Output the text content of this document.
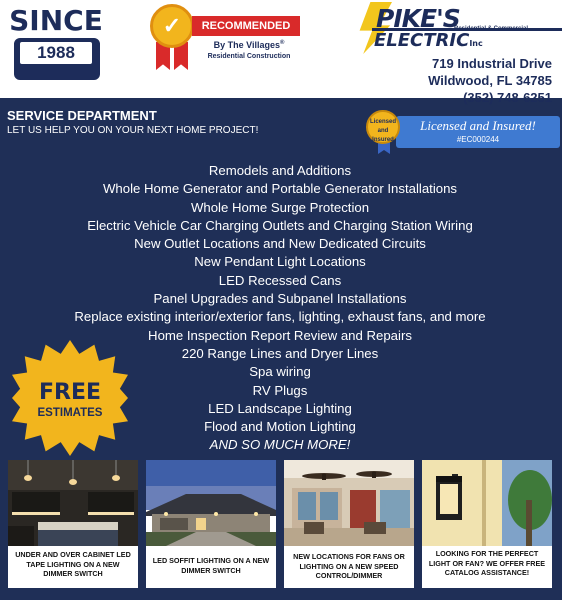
SINCE
1988
✓	RECOMMENDED
By The Villages®
Residential Construction
PIKE'S
Residential & Commercial
ELECTRICInc
719 Industrial Drive
Wildwood, FL 34785
(352) 748-6251
SERVICE DEPARTMENT
LET US HELP YOU ON YOUR NEXT HOME PROJECT!	Licensed and Insured!
#EC000244
Licensed and Insured
Remodels and Additions
Whole Home Generator and Portable Generator Installations
Whole Home Surge Protection
Electric Vehicle Car Charging Outlets and Charging Station Wiring
New Outlet Locations and New Dedicated Circuits
New Pendant Light Locations
LED Recessed Cans
Panel Upgrades and Subpanel Installations
Replace existing interior/exterior fans, lighting, exhaust fans, and more
Home Inspection Report Review and Repairs
220 Range Lines and Dryer Lines
Spa wiring
RV Plugs
LED Landscape Lighting
Flood and Motion Lighting
AND SO MUCH MORE!
FREE
ESTIMATES
UNDER AND OVER CABINET LED TAPE LIGHTING ON A NEW DIMMER SWITCH
LED SOFFIT LIGHTING ON A NEW DIMMER SWITCH
NEW LOCATIONS FOR FANS OR LIGHTING ON A NEW SPEED CONTROL/DIMMER
LOOKING FOR THE PERFECT LIGHT OR FAN? WE OFFER FREE CATALOG ASSISTANCE!
